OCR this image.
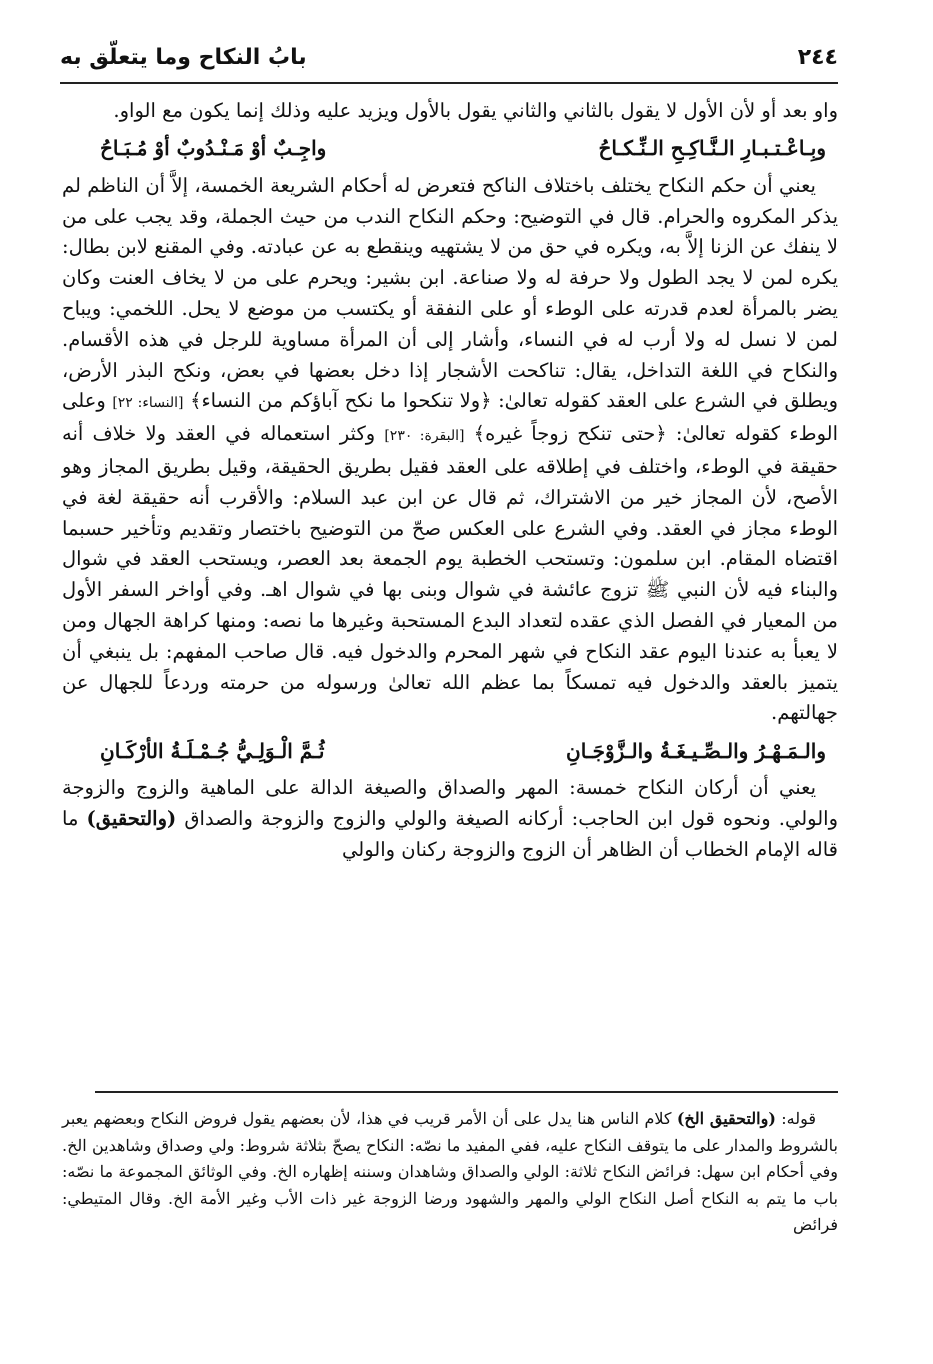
٢٤٤
بابُ النكاح وما يتعلّق به

واو بعد أو لأن الأول لا يقول بالثاني والثاني يقول بالأول ويزيد عليه وذلك إنما يكون مع الواو.

وبِـاعْـتـبـارِ الـنَّـاكِـحِ الـنِّـكـاحُ
واجِـبٌ أوْ مَـنْـدُوبٌ أوْ مُـبَـاحُ

يعني أن حكم النكاح يختلف باختلاف الناكح فتعرض له أحكام الشريعة الخمسة، إلاَّ أن الناظم لم يذكر المكروه والحرام. قال في التوضيح: وحكم النكاح الندب من حيث الجملة، وقد يجب على من لا ينفك عن الزنا إلاَّ به، ويكره في حق من لا يشتهيه وينقطع به عن عبادته. وفي المقنع لابن بطال: يكره لمن لا يجد الطول ولا حرفة له ولا صناعة. ابن بشير: ويحرم على من لا يخاف العنت وكان يضر بالمرأة لعدم قدرته على الوطء أو على النفقة أو يكتسب من موضع لا يحل. اللخمي: ويباح لمن لا نسل له ولا أرب له في النساء، وأشار إلى أن المرأة مساوية للرجل في هذه الأقسام. والنكاح في اللغة التداخل، يقال: تناكحت الأشجار إذا دخل بعضها في بعض، ونكح البذر الأرض، ويطلق في الشرع على العقد كقوله تعالىٰ: ﴿ولا تنكحوا ما نكح آباؤكم من النساء﴾ [النساء: ٢٢] وعلى الوطء كقوله تعالىٰ: ﴿حتى تنكح زوجاً غيره﴾ [البقرة: ٢٣٠] وكثر استعماله في العقد ولا خلاف أنه حقيقة في الوطء، واختلف في إطلاقه على العقد فقيل بطريق الحقيقة، وقيل بطريق المجاز وهو الأصح، لأن المجاز خير من الاشتراك، ثم قال عن ابن عبد السلام: والأقرب أنه حقيقة لغة في الوطء مجاز في العقد. وفي الشرع على العكس صحّ من التوضيح باختصار وتقديم وتأخير حسبما اقتضاه المقام. ابن سلمون: وتستحب الخطبة يوم الجمعة بعد العصر، ويستحب العقد في شوال والبناء فيه لأن النبي ﷺ تزوج عائشة في شوال وبنى بها في شوال اهـ. وفي أواخر السفر الأول من المعيار في الفصل الذي عقده لتعداد البدع المستحبة وغيرها ما نصه: ومنها كراهة الجهال ومن لا يعبأ به عندنا اليوم عقد النكاح في شهر المحرم والدخول فيه. قال صاحب المفهم: بل ينبغي أن يتميز بالعقد والدخول فيه تمسكاً بما عظم الله تعالىٰ ورسوله من حرمته وردعاً للجهال عن جهالتهم.

والـمَـهْـرُ والـصِّـيـغَـةُ والـزَّوْجَـانِ
ثُـمَّ الْـوَلِـيُّ جُـمْـلَـةُ الأرْكَـانِ

يعني أن أركان النكاح خمسة: المهر والصداق والصيغة الدالة على الماهية والزوج والزوجة والولي. ونحوه قول ابن الحاجب: أركانه الصيغة والولي والزوج والزوجة والصداق (والتحقيق) ما قاله الإمام الخطاب أن الظاهر أن الزوج والزوجة ركنان والولي

قوله: (والتحقيق الخ) كلام الناس هنا يدل على أن الأمر قريب في هذا، لأن بعضهم يقول فروض النكاح وبعضهم يعبر بالشروط والمدار على ما يتوقف النكاح عليه، ففي المفيد ما نصّه: النكاح يصحّ بثلاثة شروط: ولي وصداق وشاهدين الخ. وفي أحكام ابن سهل: فرائض النكاح ثلاثة: الولي والصداق وشاهدان وسننه إظهاره الخ. وفي الوثائق المجموعة ما نصّه: باب ما يتم به النكاح أصل النكاح الولي والمهر والشهود ورضا الزوجة غير ذات الأب وغير الأمة الخ. وقال المتيطي: فرائض
